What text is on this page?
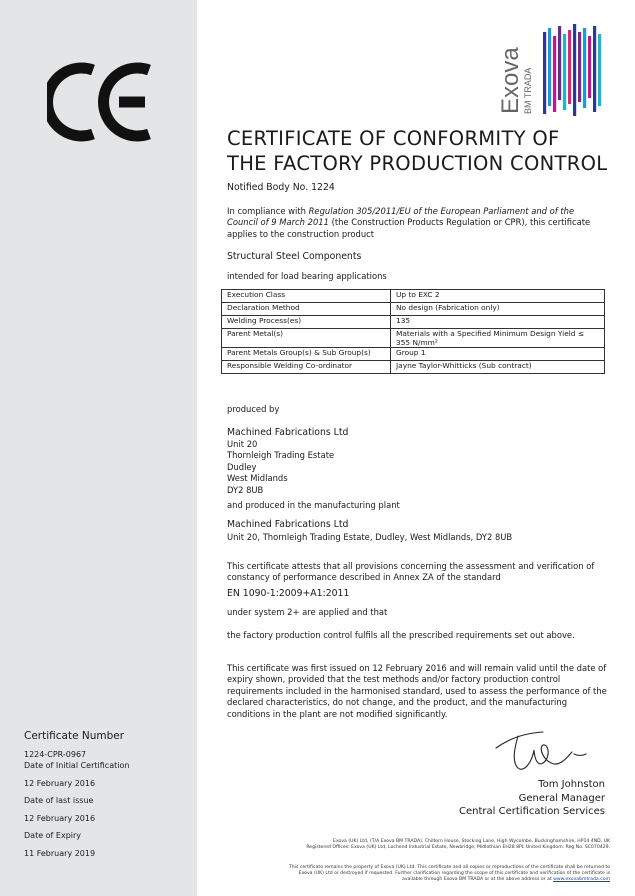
Certificate Number
1224-CPR-0967
Date of Initial Certification
12 February 2016
Date of last issue
12 February 2016
Date of Expiry
11 February 2019
Exova BM TRADA
CERTIFICATE OF CONFORMITY OF
THE FACTORY PRODUCTION CONTROL
Notified Body No. 1224
In compliance with Regulation 305/2011/EU of the European Parliament and of the Council of 9 March 2011 (the Construction Products Regulation or CPR), this certificate applies to the construction product
Structural Steel Components
intended for load bearing applications
Execution Class	Up to EXC 2
Declaration Method	No design (Fabrication only)
Welding Process(es)	135
Parent Metal(s)	Materials with a Specified Minimum Design Yield ≤ 355 N/mm²
Parent Metals Group(s) & Sub Group(s)	Group 1
Responsible Welding Co-ordinator	Jayne Taylor-Whitticks (Sub contract)
produced by
Machined Fabrications Ltd
Unit 20
Thornleigh Trading Estate
Dudley
West Midlands
DY2 8UB
and produced in the manufacturing plant
Machined Fabrications Ltd
Unit 20, Thornleigh Trading Estate, Dudley, West Midlands, DY2 8UB
This certificate attests that all provisions concerning the assessment and verification of constancy of performance described in Annex ZA of the standard
EN 1090-1:2009+A1:2011
under system 2+ are applied and that
the factory production control fulfils all the prescribed requirements set out above.
This certificate was first issued on 12 February 2016 and will remain valid until the date of expiry shown, provided that the test methods and/or factory production control requirements included in the harmonised standard, used to assess the performance of the declared characteristics, do not change, and the product, and the manufacturing conditions in the plant are not modified significantly.
Tom Johnston
General Manager
Central Certification Services
Exova (UK) Ltd, (T/A Exova BM TRADA), Chiltern House, Stocking Lane, High Wycombe, Buckinghamshire, HP14 4ND, UK
Registered Offices: Exova (UK) Ltd, Lochend Industrial Estate, Newbridge, Midlothian EH28 8PL United Kingdom. Reg No. SC070429.
This certificate remains the property of Exova (UK) Ltd. This certificate and all copies or reproductions of the certificate shall be returned to
Exova (UK) Ltd or destroyed if requested. Further clarification regarding the scope of this certificate and verification of the certificate is
available through Exova BM TRADA or at the above address or at www.exovabmtrada.com
